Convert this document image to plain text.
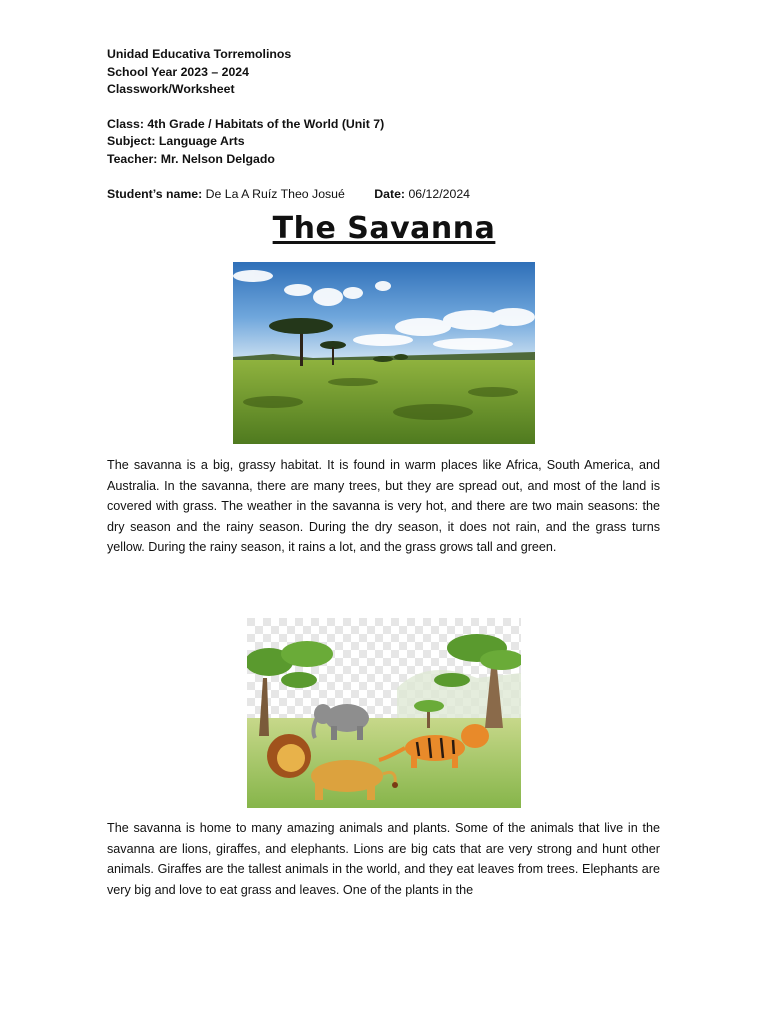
Unidad Educativa Torremolinos
School Year 2023 – 2024
Classwork/Worksheet
Class: 4th Grade / Habitats of the World (Unit 7)
Subject: Language Arts
Teacher: Mr. Nelson Delgado
Student’s name: De La A Ruíz Theo Josué Date: 06/12/2024
The Savanna

The savanna is a big, grassy habitat. It is found in warm places like Africa, South America, and Australia. In the savanna, there are many trees, but they are spread out, and most of the land is covered with grass. The weather in the savanna is very hot, and there are two main seasons: the dry season and the rainy season. During the dry season, it does not rain, and the grass turns yellow. During the rainy season, it rains a lot, and the grass grows tall and green.

The savanna is home to many amazing animals and plants. Some of the animals that live in the savanna are lions, giraffes, and elephants. Lions are big cats that are very strong and hunt other animals. Giraffes are the tallest animals in the world, and they eat leaves from trees. Elephants are very big and love to eat grass and leaves. One of the plants in the
